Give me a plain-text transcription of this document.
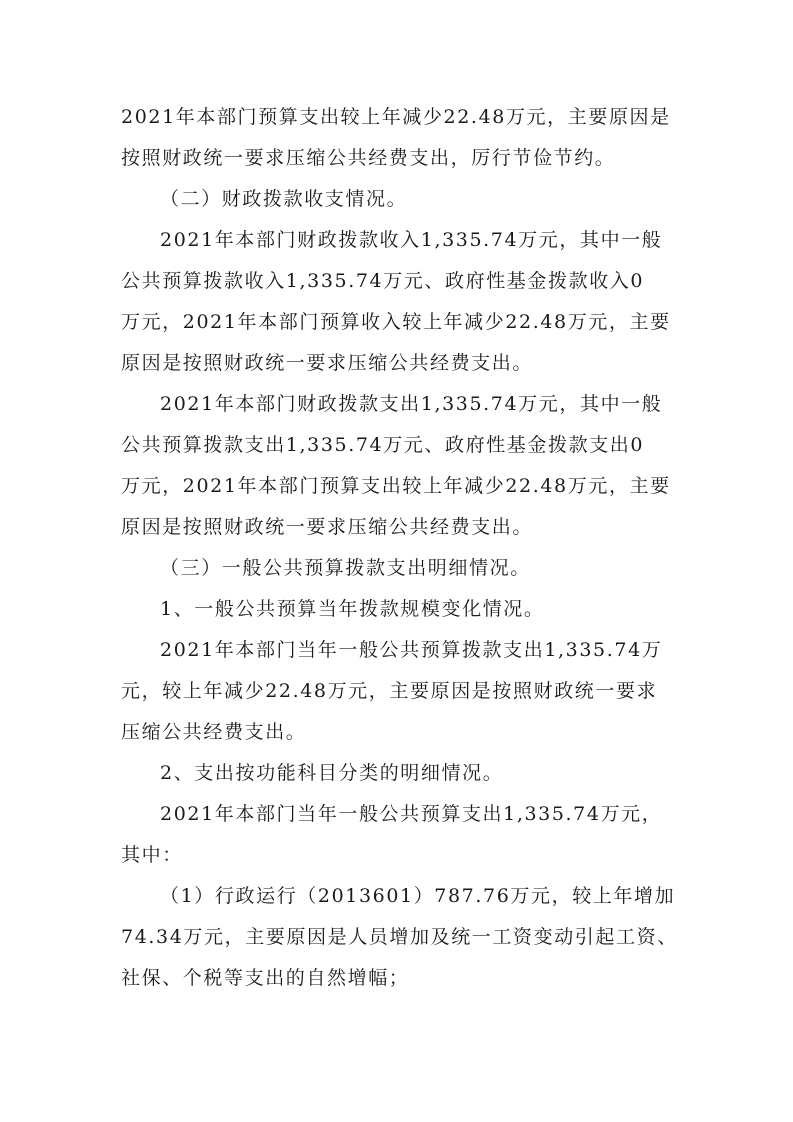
2021年本部门预算支出较上年减少22.48万元，主要原因是
按照财政统一要求压缩公共经费支出，厉行节俭节约。
（二）财政拨款收支情况。
2021年本部门财政拨款收入1,335.74万元，其中一般
公共预算拨款收入1,335.74万元、政府性基金拨款收入0
万元，2021年本部门预算收入较上年减少22.48万元，主要
原因是按照财政统一要求压缩公共经费支出。
2021年本部门财政拨款支出1,335.74万元，其中一般
公共预算拨款支出1,335.74万元、政府性基金拨款支出0
万元，2021年本部门预算支出较上年减少22.48万元，主要
原因是按照财政统一要求压缩公共经费支出。
（三）一般公共预算拨款支出明细情况。
1、一般公共预算当年拨款规模变化情况。
2021年本部门当年一般公共预算拨款支出1,335.74万
元，较上年减少22.48万元，主要原因是按照财政统一要求
压缩公共经费支出。
2、支出按功能科目分类的明细情况。
2021年本部门当年一般公共预算支出1,335.74万元，
其中：
（1）行政运行（2013601）787.76万元，较上年增加
74.34万元，主要原因是人员增加及统一工资变动引起工资、
社保、个税等支出的自然增幅；
